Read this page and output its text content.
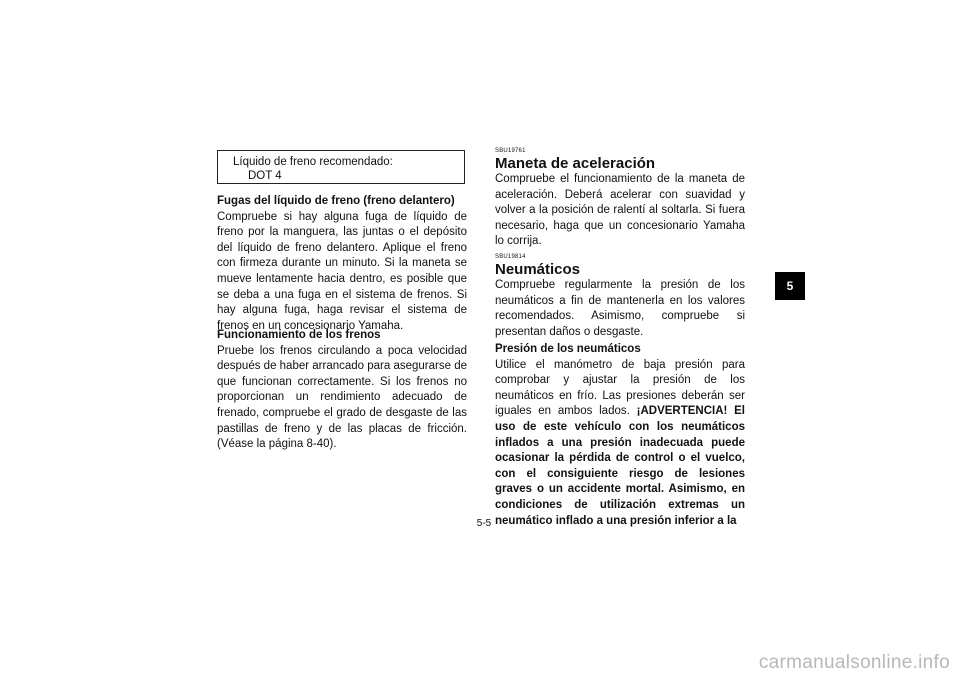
Líquido de freno recomendado:
DOT 4

Fugas del líquido de freno (freno delantero)

Compruebe si hay alguna fuga de líquido de freno por la manguera, las juntas o el depósito del líquido de freno delantero. Aplique el freno con firmeza durante un minuto. Si la maneta se mueve lentamente hacia dentro, es posible que se deba a una fuga en el sistema de frenos. Si hay alguna fuga, haga revisar el sistema de frenos en un concesionario Yamaha.

Funcionamiento de los frenos

Pruebe los frenos circulando a poca velocidad después de haber arrancado para asegurarse de que funcionan correctamente. Si los frenos no proporcionan un rendimiento adecuado de frenado, compruebe el grado de desgaste de las pastillas de freno y de las placas de fricción. (Véase la página 8-40).

SBU19761

Maneta de aceleración

Compruebe el funcionamiento de la maneta de aceleración. Deberá acelerar con suavidad y volver a la posición de ralentí al soltarla. Si fuera necesario, haga que un concesionario Yamaha lo corrija.

SBU19814

Neumáticos

Compruebe regularmente la presión de los neumáticos a fin de mantenerla en los valores recomendados. Asimismo, compruebe si presentan daños o desgaste.

Presión de los neumáticos

Utilice el manómetro de baja presión para comprobar y ajustar la presión de los neumáticos en frío. Las presiones deberán ser iguales en ambos lados. ¡ADVERTENCIA! El uso de este vehículo con los neumáticos inflados a una presión inadecuada puede ocasionar la pérdida de control o el vuelco, con el consiguiente riesgo de lesiones graves o un accidente mortal. Asimismo, en condiciones de utilización extremas un neumático inflado a una presión inferior a la

5
5-5
carmanualsonline.info
